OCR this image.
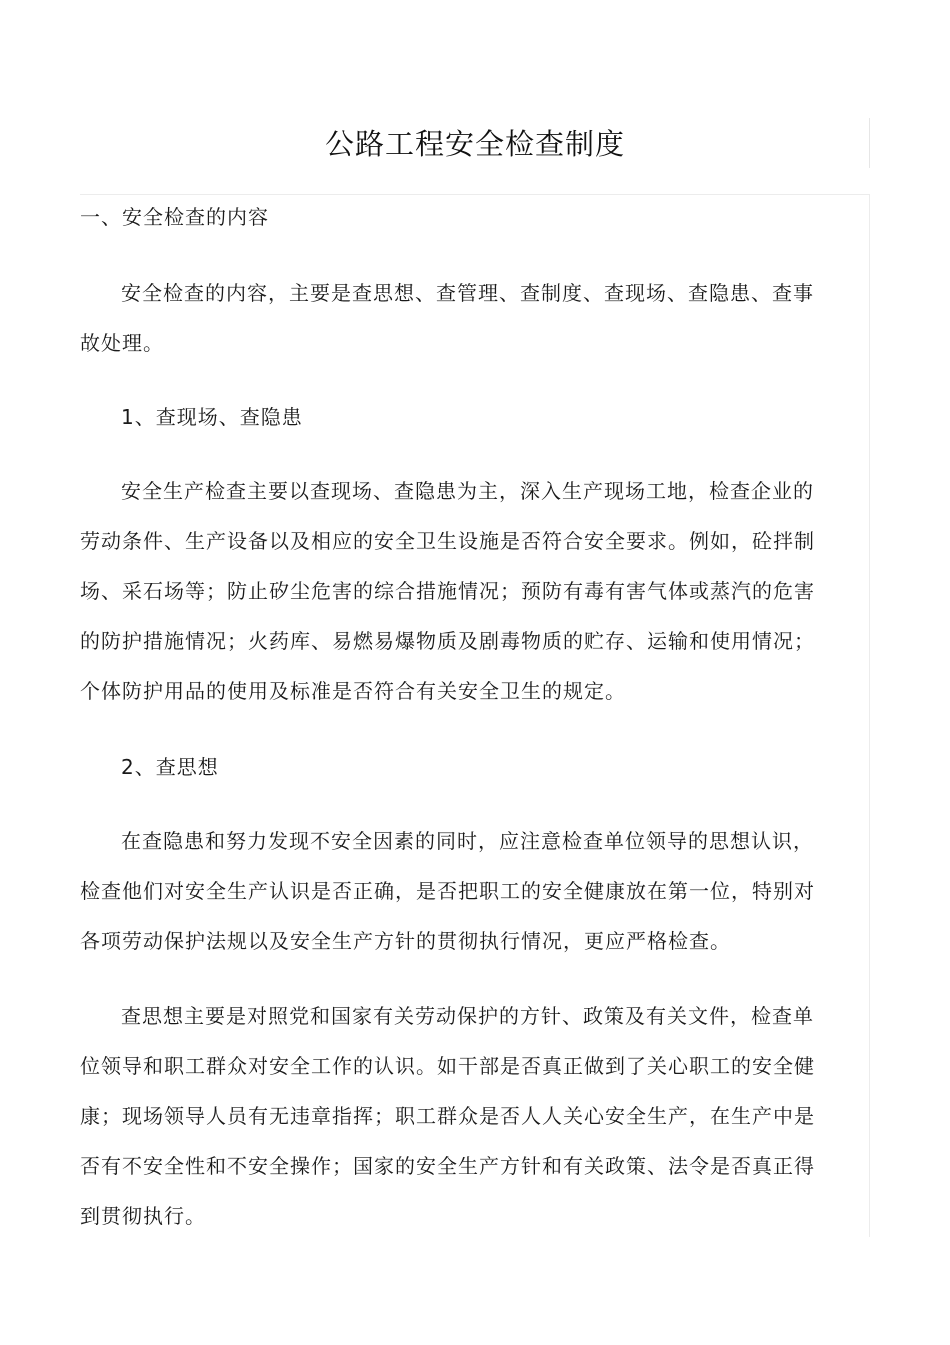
公路工程安全检查制度

一、安全检查的内容

安全检查的内容，主要是查思想、查管理、查制度、查现场、查隐患、查事故处理。

1、查现场、查隐患

安全生产检查主要以查现场、查隐患为主，深入生产现场工地，检查企业的劳动条件、生产设备以及相应的安全卫生设施是否符合安全要求。例如，砼拌制场、采石场等；防止矽尘危害的综合措施情况；预防有毒有害气体或蒸汽的危害的防护措施情况；火药库、易燃易爆物质及剧毒物质的贮存、运输和使用情况；个体防护用品的使用及标准是否符合有关安全卫生的规定。

2、查思想

在查隐患和努力发现不安全因素的同时，应注意检查单位领导的思想认识，检查他们对安全生产认识是否正确，是否把职工的安全健康放在第一位，特别对各项劳动保护法规以及安全生产方针的贯彻执行情况，更应严格检查。

查思想主要是对照党和国家有关劳动保护的方针、政策及有关文件，检查单位领导和职工群众对安全工作的认识。如干部是否真正做到了关心职工的安全健康；现场领导人员有无违章指挥；职工群众是否人人关心安全生产，在生产中是否有不安全性和不安全操作；国家的安全生产方针和有关政策、法令是否真正得到贯彻执行。
